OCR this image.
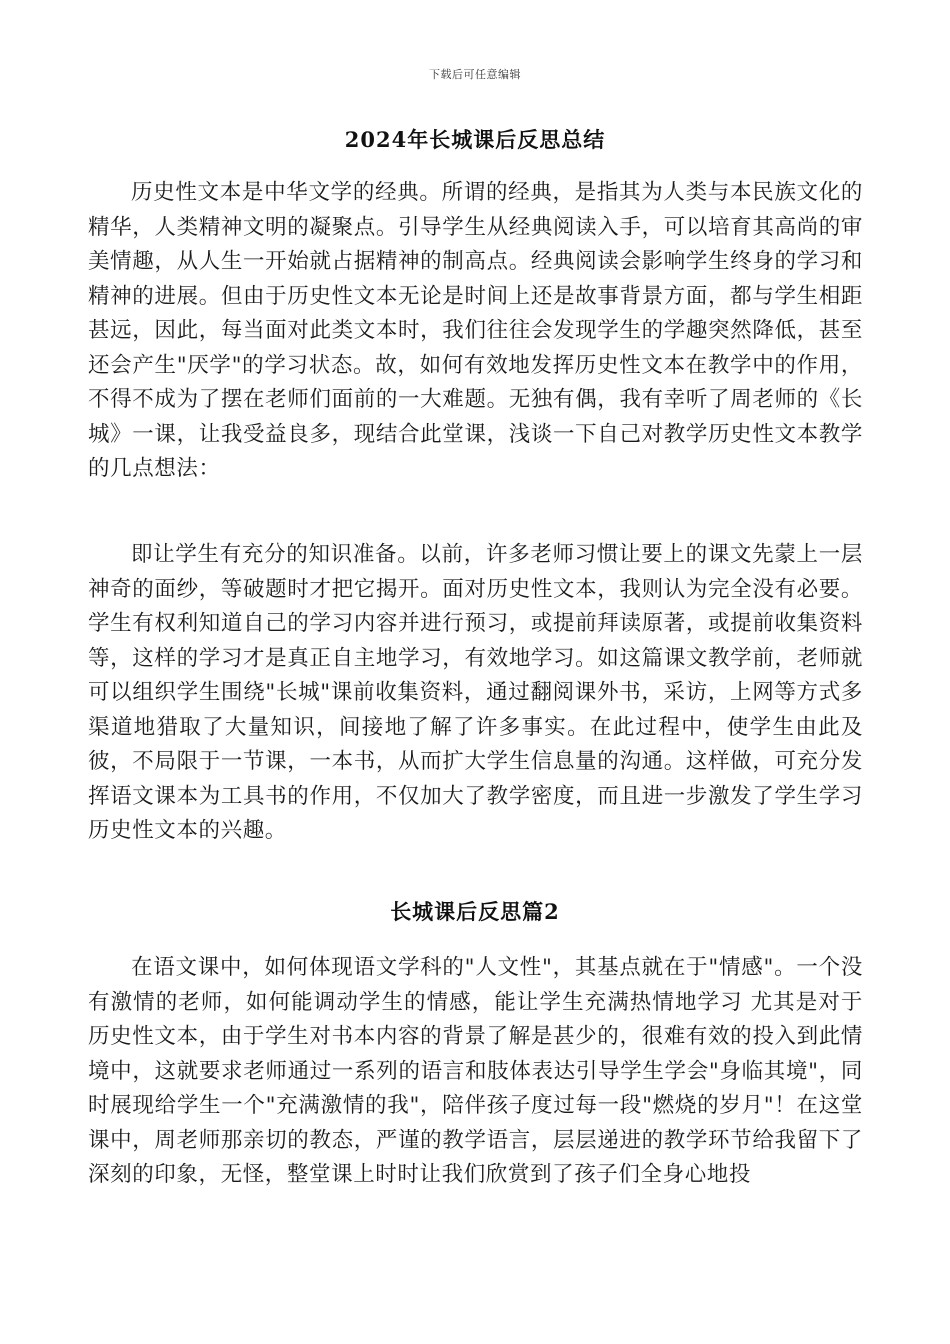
下载后可任意编辑
2024年长城课后反思总结

历史性文本是中华文学的经典。所谓的经典，是指其为人类与本民族文化的精华，人类精神文明的凝聚点。引导学生从经典阅读入手，可以培育其高尚的审美情趣，从人生一开始就占据精神的制高点。经典阅读会影响学生终身的学习和精神的进展。但由于历史性文本无论是时间上还是故事背景方面，都与学生相距甚远，因此，每当面对此类文本时，我们往往会发现学生的学趣突然降低，甚至还会产生"厌学"的学习状态。故，如何有效地发挥历史性文本在教学中的作用，不得不成为了摆在老师们面前的一大难题。无独有偶，我有幸听了周老师的《长城》一课，让我受益良多，现结合此堂课，浅谈一下自己对教学历史性文本教学的几点想法：

即让学生有充分的知识准备。以前，许多老师习惯让要上的课文先蒙上一层神奇的面纱，等破题时才把它揭开。面对历史性文本，我则认为完全没有必要。学生有权利知道自己的学习内容并进行预习，或提前拜读原著，或提前收集资料等，这样的学习才是真正自主地学习，有效地学习。如这篇课文教学前，老师就可以组织学生围绕"长城"课前收集资料，通过翻阅课外书，采访，上网等方式多渠道地猎取了大量知识，间接地了解了许多事实。在此过程中，使学生由此及彼，不局限于一节课，一本书，从而扩大学生信息量的沟通。这样做，可充分发挥语文课本为工具书的作用，不仅加大了教学密度，而且进一步激发了学生学习历史性文本的兴趣。

长城课后反思篇2

在语文课中，如何体现语文学科的"人文性"，其基点就在于"情感"。一个没有激情的老师，如何能调动学生的情感，能让学生充满热情地学习 尤其是对于历史性文本，由于学生对书本内容的背景了解是甚少的，很难有效的投入到此情境中，这就要求老师通过一系列的语言和肢体表达引导学生学会"身临其境"，同时展现给学生一个"充满激情的我"，陪伴孩子度过每一段"燃烧的岁月"！在这堂课中，周老师那亲切的教态，严谨的教学语言，层层递进的教学环节给我留下了深刻的印象，无怪，整堂课上时时让我们欣赏到了孩子们全身心地投
